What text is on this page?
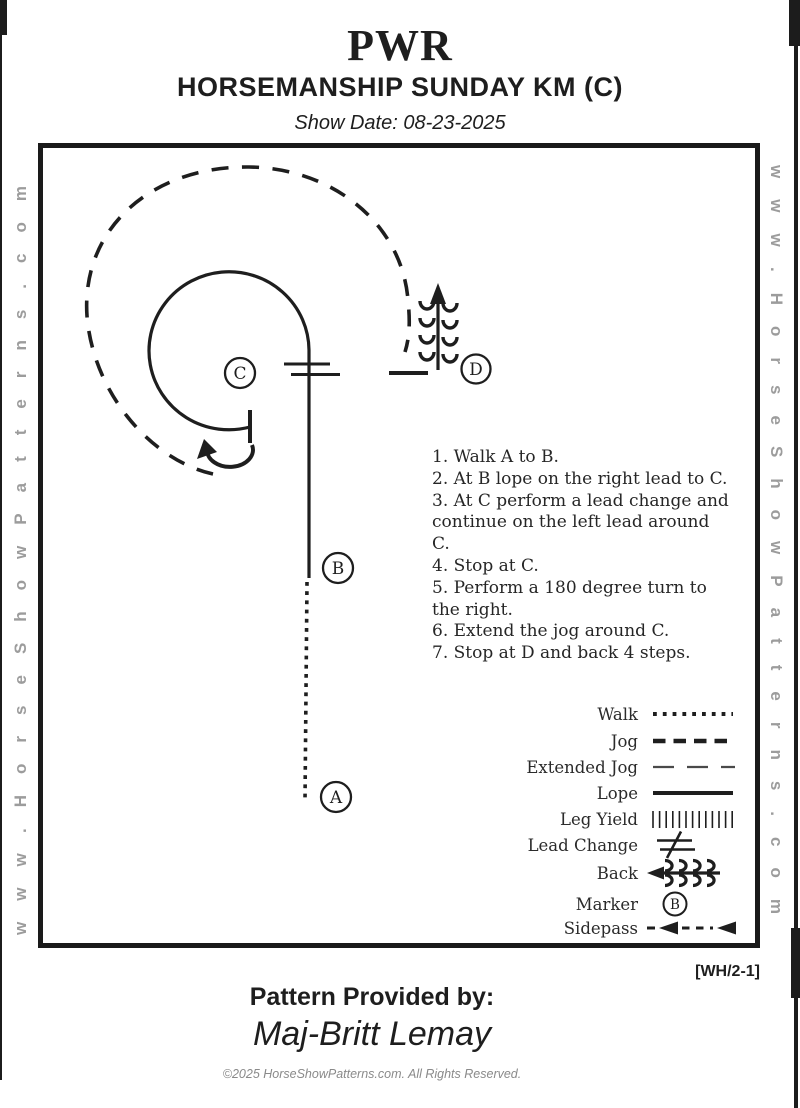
PWR
HORSEMANSHIP SUNDAY KM (C)
Show Date: 08-23-2025
www.HorseShowPatterns.com	www.HorseShowPatterns.com
C	D
B
A
1. Walk A to B.
2. At B lope on the right lead to C.
3. At C perform a lead change and continue on the left lead around C.
4. Stop at C.
5. Perform a 180 degree turn to the right.
6. Extend the jog around C.
7. Stop at D and back 4 steps.
Walk
Jog
Extended Jog
Lope
Leg Yield
Lead Change
Back
Marker B
Sidepass
[WH/2-1]
Pattern Provided by:
Maj-Britt Lemay
©2025 HorseShowPatterns.com. All Rights Reserved.
